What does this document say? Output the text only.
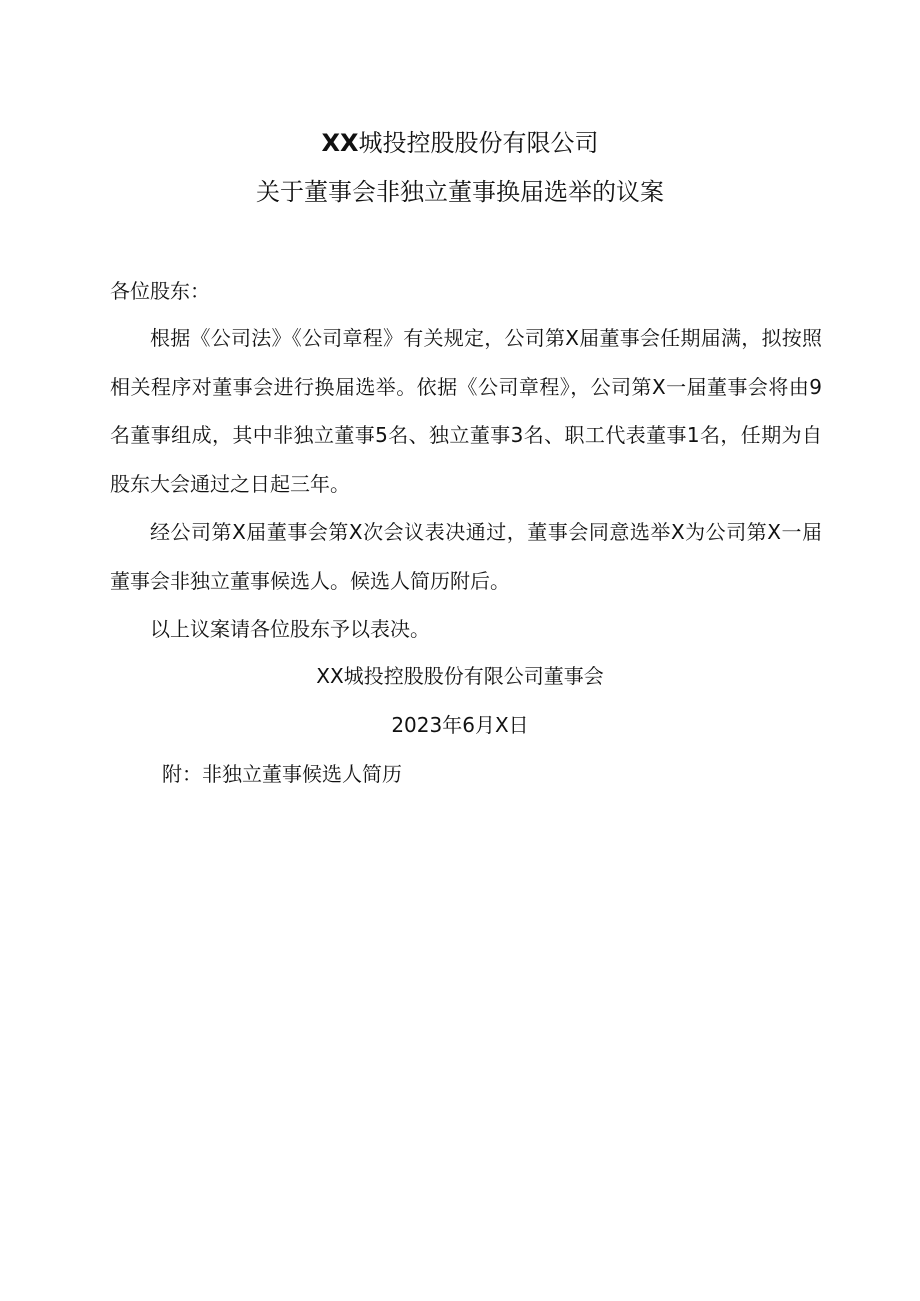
XX城投控股股份有限公司
关于董事会非独立董事换届选举的议案
各位股东：
根据《公司法》《公司章程》有关规定，公司第X届董事会任期届满，拟按照相关程序对董事会进行换届选举。依据《公司章程》，公司第X一届董事会将由9名董事组成，其中非独立董事5名、独立董事3名、职工代表董事1名，任期为自股东大会通过之日起三年。
经公司第X届董事会第X次会议表决通过，董事会同意选举X为公司第X一届董事会非独立董事候选人。候选人简历附后。
以上议案请各位股东予以表决。
XX城投控股股份有限公司董事会
2023年6月X日
附：非独立董事候选人简历
